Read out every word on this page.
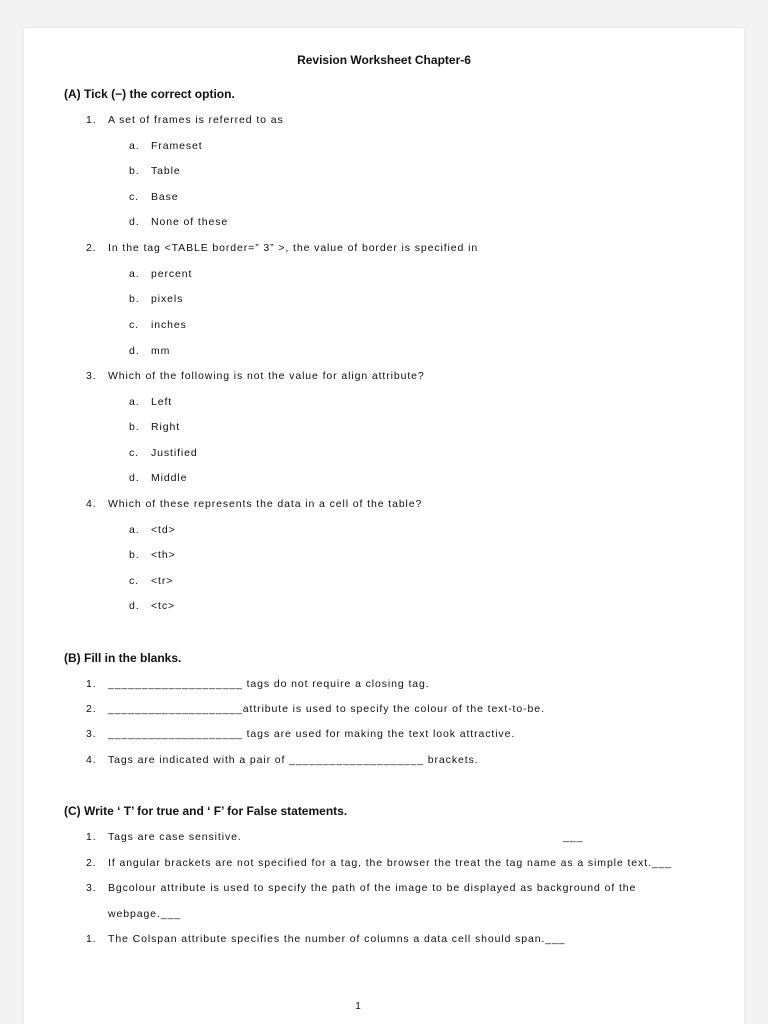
Revision Worksheet Chapter-6
(A) Tick (−) the correct option.
1. A set of frames is referred to as
a. Frameset
b. Table
c. Base
d. None of these
2. In the tag <TABLE border=” 3” >, the value of border is specified in
a. percent
b. pixels
c. inches
d. mm
3. Which of the following is not the value for align attribute?
a. Left
b. Right
c. Justified
d. Middle
4. Which of these represents the data in a cell of the table?
a. <td>
b. <th>
c. <tr>
d. <tc>
(B) Fill in the blanks.
1. ____________________ tags do not require a closing tag.
2. ____________________attribute is used to specify the colour of the text-to-be.
3. ____________________ tags are used for making the text look attractive.
4. Tags are indicated with a pair of ____________________ brackets.
(C) Write ‘ T’ for true and ‘ F’ for False statements.
1. Tags are case sensitive.	___
2. If angular brackets are not specified for a tag, the browser the treat the tag name as a simple text.___
3. Bgcolour attribute is used to specify the path of the image to be displayed as background of the
webpage.___
1. The Colspan attribute specifies the number of columns a data cell should span.___
1
